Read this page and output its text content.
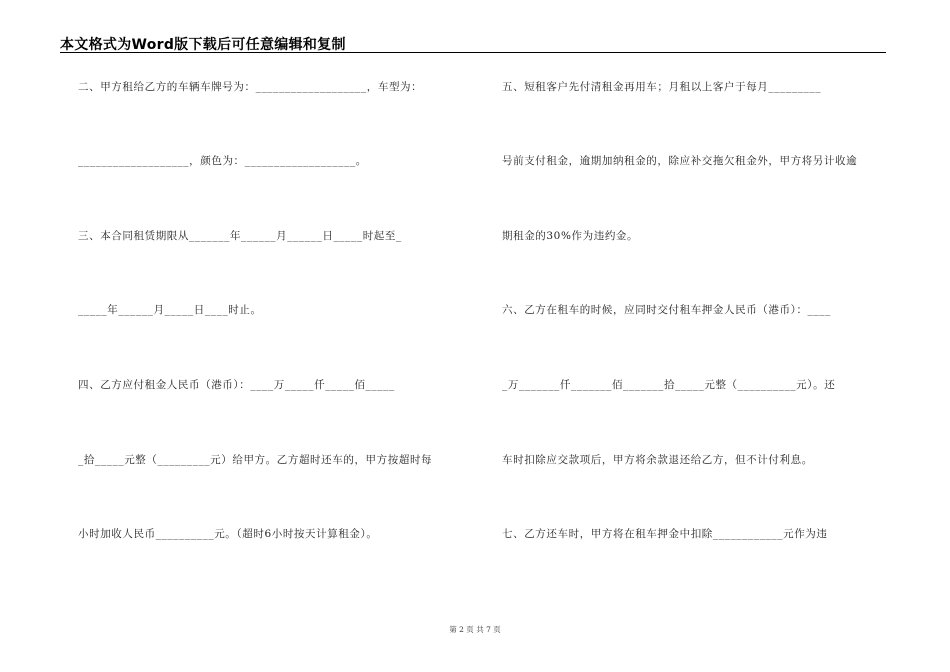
本文格式为Word版下载后可任意编辑和复制
二、甲方租给乙方的车辆车牌号为：___________________，车型为：
___________________，颜色为：___________________。
三、本合同租赁期限从_______年______月______日_____时起至_
_____年______月_____日____时止。
四、乙方应付租金人民币（港币）：____万_____仟_____佰_____
_拾_____元整（_________元）给甲方。乙方超时还车的，甲方按超时每
小时加收人民币__________元。（超时6小时按天计算租金）。
五、短租客户先付清租金再用车；月租以上客户于每月_________
号前支付租金，逾期加纳租金的，除应补交拖欠租金外，甲方将另计收逾
期租金的30%作为违约金。
六、乙方在租车的时候，应同时交付租车押金人民币（港币）：____
_万_______仟_______佰_______拾_____元整（__________元）。还
车时扣除应交款项后，甲方将余款退还给乙方，但不计付利息。
七、乙方还车时，甲方将在租车押金中扣除____________元作为违
第 2 页 共 7 页
